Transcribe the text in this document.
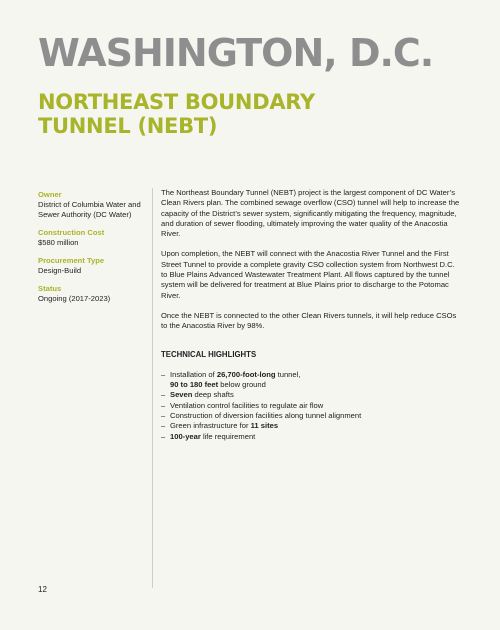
WASHINGTON, D.C.
NORTHEAST BOUNDARY
TUNNEL (NEBT)
Owner
District of Columbia Water and Sewer Authority (DC Water)
Construction Cost
$580 million
Procurement Type
Design-Build
Status
Ongoing (2017-2023)

The Northeast Boundary Tunnel (NEBT) project is the largest component of DC Water’s Clean Rivers plan. The combined sewage overflow (CSO) tunnel will help to increase the capacity of the District’s sewer system, significantly mitigating the frequency, magnitude, and duration of sewer flooding, ultimately improving the water quality of the Anacostia River.

Upon completion, the NEBT will connect with the Anacostia River Tunnel and the First Street Tunnel to provide a complete gravity CSO collection system from Northwest D.C. to Blue Plains Advanced Wastewater Treatment Plant. All flows captured by the tunnel system will be delivered for treatment at Blue Plains prior to discharge to the Potomac River.

Once the NEBT is connected to the other Clean Rivers tunnels, it will help reduce CSOs to the Anacostia River by 98%.

TECHNICAL HIGHLIGHTS
– Installation of 26,700-foot-long tunnel,
90 to 180 feet below ground
– Seven deep shafts
– Ventilation control facilities to regulate air flow
– Construction of diversion facilities along tunnel alignment
– Green infrastructure for 11 sites
– 100-year life requirement
12
